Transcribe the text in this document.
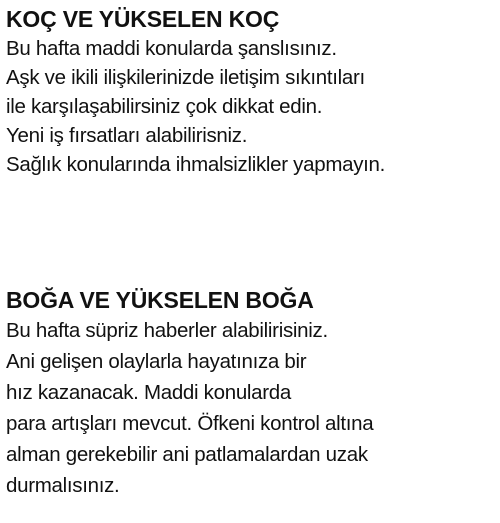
KOÇ VE YÜKSELEN KOÇ
Bu hafta maddi konularda şanslısınız.
Aşk ve ikili ilişkilerinizde iletişim sıkıntıları
ile karşılaşabilirsiniz çok dikkat edin.
Yeni iş fırsatları alabilirisniz.
Sağlık konularında ihmalsizlikler yapmayın.
BOĞA VE YÜKSELEN BOĞA
Bu hafta süpriz haberler alabilirisiniz.
Ani gelişen olaylarla hayatınıza bir
hız kazanacak. Maddi konularda
para artışları mevcut. Öfkeni kontrol altına
alman gerekebilir ani patlamalardan uzak
durmalısınız.
